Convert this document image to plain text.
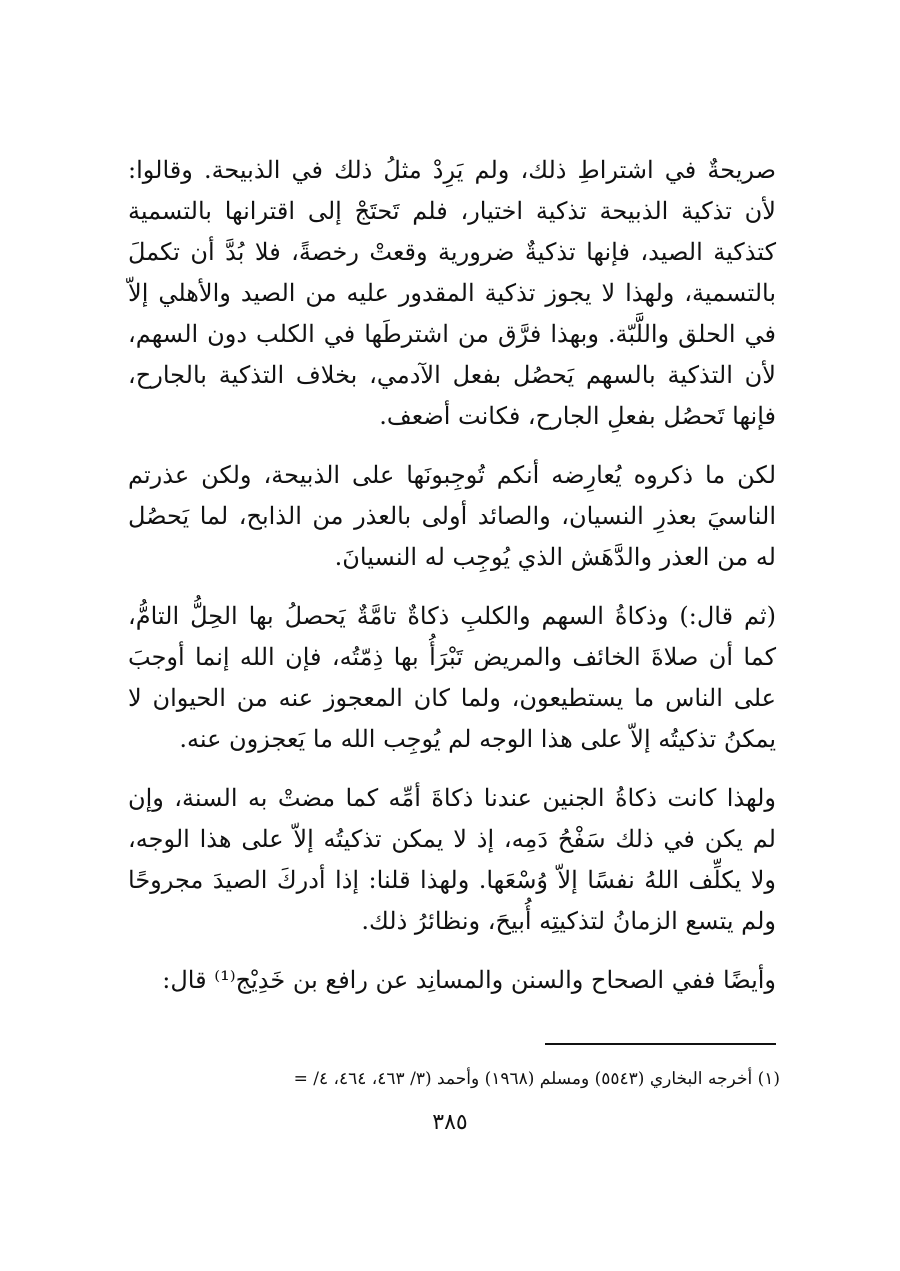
صريحةٌ في اشتراطِ ذلك، ولم يَرِدْ مثلُ ذلك في الذبيحة. وقالوا: لأن تذكية الذبيحة تذكية اختيار، فلم تَحتَجْ إلى اقترانها بالتسمية كتذكية الصيد، فإنها تذكيةٌ ضرورية وقعتْ رخصةً، فلا بُدَّ أن تكملَ بالتسمية، ولهذا لا يجوز تذكية المقدور عليه من الصيد والأهلي إلاّ في الحلق واللَّبّة. وبهذا فرَّق من اشترطَها في الكلب دون السهم، لأن التذكية بالسهم يَحصُل بفعل الآدمي، بخلاف التذكية بالجارح، فإنها تَحصُل بفعلِ الجارح، فكانت أضعف.

لكن ما ذكروه يُعارِضه أنكم تُوجِبونَها على الذبيحة، ولكن عذرتم الناسيَ بعذرِ النسيان، والصائد أولى بالعذر من الذابح، لما يَحصُل له من العذر والدَّهَش الذي يُوجِب له النسيانَ.

(ثم قال:) وذكاةُ السهم والكلبِ ذكاةٌ تامَّةٌ يَحصلُ بها الحِلُّ التامُّ، كما أن صلاةَ الخائف والمريض تَبْرَأُ بها ذِمّتُه، فإن الله إنما أوجبَ على الناس ما يستطيعون، ولما كان المعجوز عنه من الحيوان لا يمكنُ تذكيتُه إلاّ على هذا الوجه لم يُوجِب الله ما يَعجزون عنه.

ولهذا كانت ذكاةُ الجنين عندنا ذكاةَ أمِّه كما مضتْ به السنة، وإن لم يكن في ذلك سَفْحُ دَمِه، إذ لا يمكن تذكيتُه إلاّ على هذا الوجه، ولا يكلِّف اللهُ نفسًا إلاّ وُسْعَها. ولهذا قلنا: إذا أدركَ الصيدَ مجروحًا ولم يتسع الزمانُ لتذكيتِه أُبيحَ، ونظائرُ ذلك.

وأيضًا ففي الصحاح والسنن والمسانِد عن رافع بن خَدِيْج⁽¹⁾ قال:

(١) أخرجه البخاري (٥٥٤٣) ومسلم (١٩٦٨) وأحمد (٣/ ٤٦٣، ٤٦٤، ٤/ =
٣٨٥
